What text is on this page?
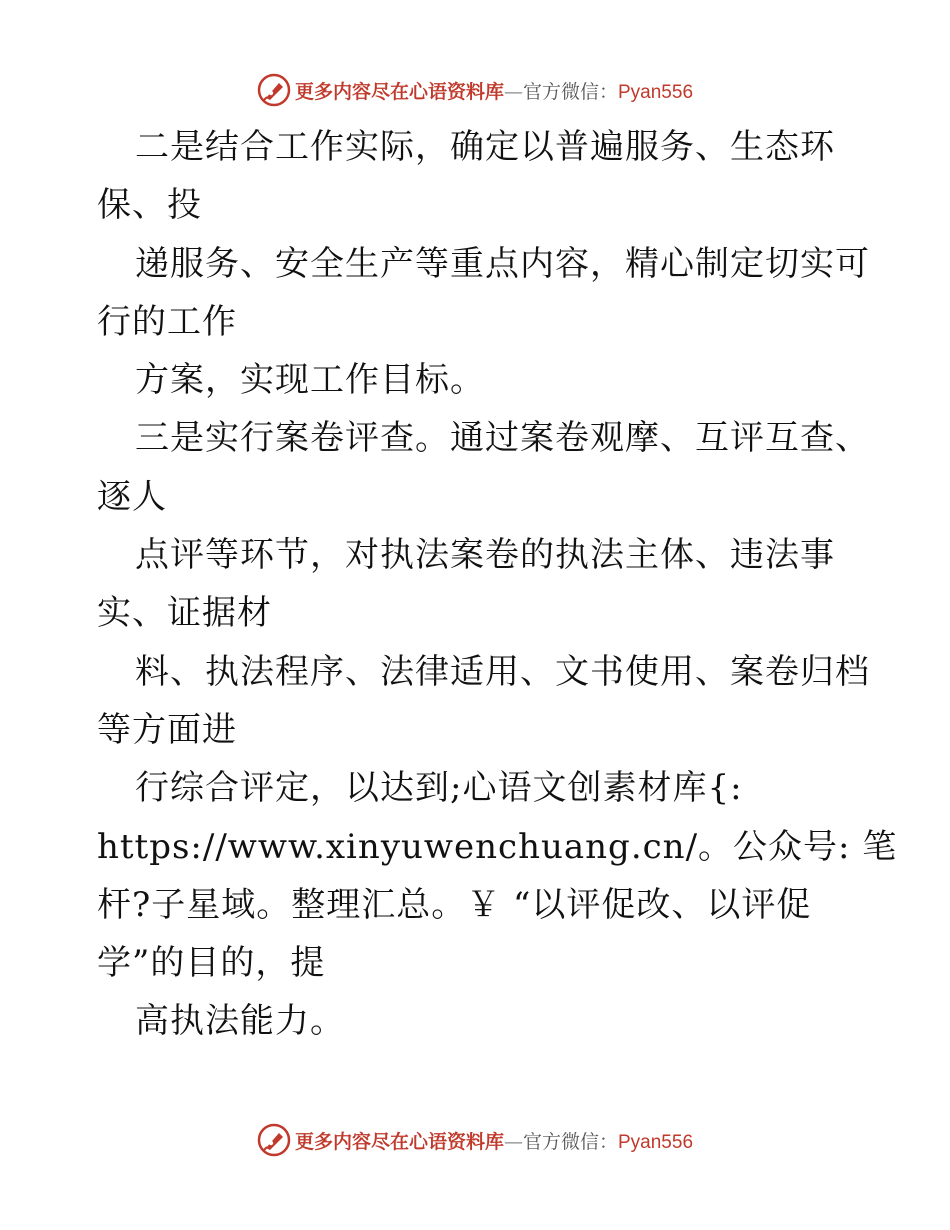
更多内容尽在心语资料库—官方微信：Pyan556
二是结合工作实际，确定以普遍服务、生态环
保、投
递服务、安全生产等重点内容，精心制定切实可
行的工作
方案，实现工作目标。
三是实行案卷评查。通过案卷观摩、互评互查、
逐人
点评等环节，对执法案卷的执法主体、违法事
实、证据材
料、执法程序、法律适用、文书使用、案卷归档
等方面进
行综合评定，以达到;心语文创素材库{:
https://www.xinyuwenchuang.cn/。公众号: 笔
杆?子星域。整理汇总。￥ “以评促改、以评促
学”的目的，提
高执法能力。
更多内容尽在心语资料库—官方微信：Pyan556
